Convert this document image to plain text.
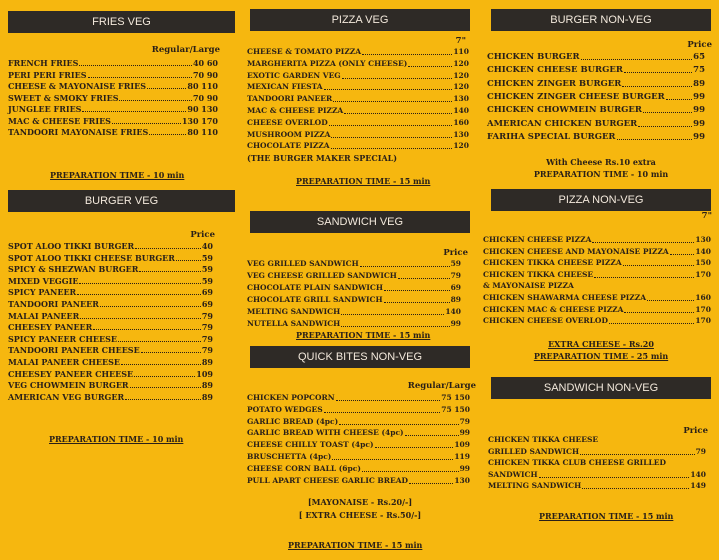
FRIES VEG
Regular/Large
FRENCH FRIES	40 60
PERI PERI FRIES	70 90
CHEESE & MAYONAISE FRIES	80 110
SWEET & SMOKY FRIES	70 90
JUNGLEE FRIES	90 130
MAC & CHEESE FRIES	130 170
TANDOORI MAYONAISE FRIES	80 110
PREPARATION TIME - 10 min
BURGER VEG
Price
SPOT ALOO TIKKI BURGER	40
SPOT ALOO TIKKI CHEESE BURGER	59
SPICY & SHEZWAN BURGER	59
MIXED VEGGIE	59
SPICY PANEER	69
TANDOORI PANEER	69
MALAI PANEER	79
CHEESEY PANEER	79
SPICY PANEER CHEESE	79
TANDOORI PANEER CHEESE	79
MALAI PANEER CHEESE	89
CHEESEY PANEER CHEESE	109
VEG CHOWMEIN BURGER	89
AMERICAN VEG BURGER	89
PREPARATION TIME - 10 min
PIZZA VEG
7"
CHEESE & TOMATO PIZZA	110
MARGHERITA PIZZA (ONLY CHEESE)	120
EXOTIC GARDEN VEG	120
MEXICAN FIESTA	120
TANDOORI PANEER	130
MAC & CHEESE PIZZA	140
CHEESE OVERLOD	160
MUSHROOM PIZZA	130
CHOCOLATE PIZZA	120
(THE BURGER MAKER SPECIAL)
PREPARATION TIME - 15 min
SANDWICH VEG
Price
VEG GRILLED SANDWICH	59
VEG CHEESE GRILLED SANDWICH	79
CHOCOLATE PLAIN SANDWICH	69
CHOCOLATE GRILL SANDWICH	89
MELTING SANDWICH	140
NUTELLA SANDWICH	99
PREPARATION TIME - 15 min
QUICK BITES NON-VEG
Regular/Large
CHICKEN POPCORN	75 150
POTATO WEDGES	75 150
GARLIC BREAD (4pc)	79
GARLIC BREAD WITH CHEESE (4pc)	99
CHEESE CHILLY TOAST (4pc)	109
BRUSCHETTA (4pc)	119
CHEESE CORN BALL (6pc)	99
PULL APART CHEESE GARLIC BREAD	130
[MAYONAISE - Rs.20/-]
[ EXTRA CHEESE - Rs.50/-]
PREPARATION TIME - 15 min
BURGER NON-VEG
Price
CHICKEN BURGER	65
CHICKEN CHEESE BURGER	75
CHICKEN ZINGER BURGER	89
CHICKEN ZINGER CHEESE BURGER	99
CHICKEN CHOWMEIN BURGER	99
AMERICAN CHICKEN BURGER	99
FARIHA SPECIAL BURGER	99
With Cheese Rs.10 extra
PREPARATION TIME - 10 min
PIZZA NON-VEG
7"
CHICKEN CHEESE PIZZA	130
CHICKEN CHEESE AND MAYONAISE PIZZA	140
CHICKEN TIKKA CHEESE PIZZA	150
CHICKEN TIKKA CHEESE	170
& MAYONAISE PIZZA
CHICKEN SHAWARMA CHEESE PIZZA	160
CHICKEN MAC & CHEESE PIZZA	170
CHICKEN CHEESE OVERLOD	170
EXTRA CHEESE - Rs.20
PREPARATION TIME - 25 min
SANDWICH NON-VEG
Price
CHICKEN TIKKA CHEESE
GRILLED SANDWICH	79
CHICKEN TIKKA CLUB CHEESE GRILLED
SANDWICH	140
MELTING SANDWICH	149
PREPARATION TIME - 15 min
